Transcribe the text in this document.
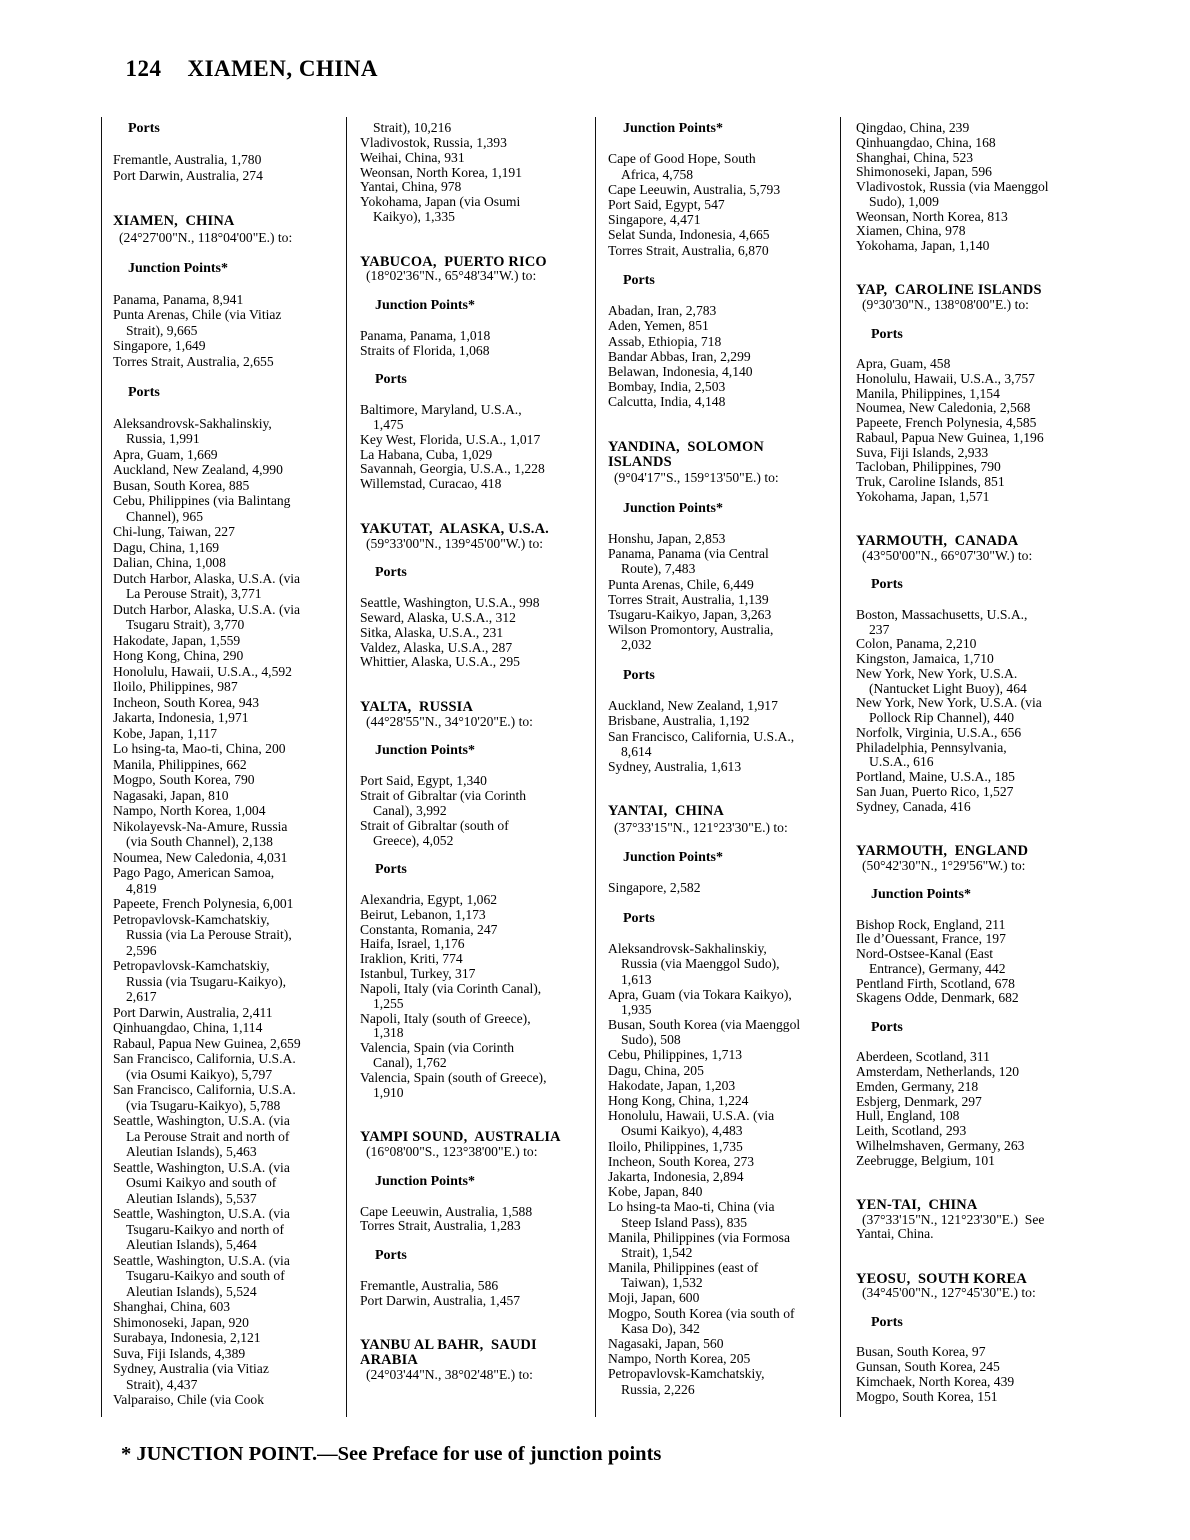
124 XIAMEN, CHINA

Ports
Fremantle, Australia, 1,780
Port Darwin, Australia, 274
XIAMEN,  CHINA
(24°27'00"N., 118°04'00"E.) to:
Junction Points*
Panama, Panama, 8,941
Punta Arenas, Chile (via Vitiaz
Strait), 9,665
Singapore, 1,649
Torres Strait, Australia, 2,655
Ports
Aleksandrovsk-Sakhalinskiy,
Russia, 1,991
Apra, Guam, 1,669
Auckland, New Zealand, 4,990
Busan, South Korea, 885
Cebu, Philippines (via Balintang
Channel), 965
Chi-lung, Taiwan, 227
Dagu, China, 1,169
Dalian, China, 1,008
Dutch Harbor, Alaska, U.S.A. (via
La Perouse Strait), 3,771
Dutch Harbor, Alaska, U.S.A. (via
Tsugaru Strait), 3,770
Hakodate, Japan, 1,559
Hong Kong, China, 290
Honolulu, Hawaii, U.S.A., 4,592
Iloilo, Philippines, 987
Incheon, South Korea, 943
Jakarta, Indonesia, 1,971
Kobe, Japan, 1,117
Lo hsing-ta, Mao-ti, China, 200
Manila, Philippines, 662
Mogpo, South Korea, 790
Nagasaki, Japan, 810
Nampo, North Korea, 1,004
Nikolayevsk-Na-Amure, Russia
(via South Channel), 2,138
Noumea, New Caledonia, 4,031
Pago Pago, American Samoa,
4,819
Papeete, French Polynesia, 6,001
Petropavlovsk-Kamchatskiy,
Russia (via La Perouse Strait),
2,596
Petropavlovsk-Kamchatskiy,
Russia (via Tsugaru-Kaikyo),
2,617
Port Darwin, Australia, 2,411
Qinhuangdao, China, 1,114
Rabaul, Papua New Guinea, 2,659
San Francisco, California, U.S.A.
(via Osumi Kaikyo), 5,797
San Francisco, California, U.S.A.
(via Tsugaru-Kaikyo), 5,788
Seattle, Washington, U.S.A. (via
La Perouse Strait and north of
Aleutian Islands), 5,463
Seattle, Washington, U.S.A. (via
Osumi Kaikyo and south of
Aleutian Islands), 5,537
Seattle, Washington, U.S.A. (via
Tsugaru-Kaikyo and north of
Aleutian Islands), 5,464
Seattle, Washington, U.S.A. (via
Tsugaru-Kaikyo and south of
Aleutian Islands), 5,524
Shanghai, China, 603
Shimonoseki, Japan, 920
Surabaya, Indonesia, 2,121
Suva, Fiji Islands, 4,389
Sydney, Australia (via Vitiaz
Strait), 4,437
Valparaiso, Chile (via Cook
Strait), 10,216
Vladivostok, Russia, 1,393
Weihai, China, 931
Weonsan, North Korea, 1,191
Yantai, China, 978
Yokohama, Japan (via Osumi
Kaikyo), 1,335
YABUCOA,  PUERTO RICO
(18°02'36"N., 65°48'34"W.) to:
Junction Points*
Panama, Panama, 1,018
Straits of Florida, 1,068
Ports
Baltimore, Maryland, U.S.A.,
1,475
Key West, Florida, U.S.A., 1,017
La Habana, Cuba, 1,029
Savannah, Georgia, U.S.A., 1,228
Willemstad, Curacao, 418
YAKUTAT,  ALASKA, U.S.A.
(59°33'00"N., 139°45'00"W.) to:
Ports
Seattle, Washington, U.S.A., 998
Seward, Alaska, U.S.A., 312
Sitka, Alaska, U.S.A., 231
Valdez, Alaska, U.S.A., 287
Whittier, Alaska, U.S.A., 295
YALTA,  RUSSIA
(44°28'55"N., 34°10'20"E.) to:
Junction Points*
Port Said, Egypt, 1,340
Strait of Gibraltar (via Corinth
Canal), 3,992
Strait of Gibraltar (south of
Greece), 4,052
Ports
Alexandria, Egypt, 1,062
Beirut, Lebanon, 1,173
Constanta, Romania, 247
Haifa, Israel, 1,176
Iraklion, Kriti, 774
Istanbul, Turkey, 317
Napoli, Italy (via Corinth Canal),
1,255
Napoli, Italy (south of Greece),
1,318
Valencia, Spain (via Corinth
Canal), 1,762
Valencia, Spain (south of Greece),
1,910
YAMPI SOUND,  AUSTRALIA
(16°08'00"S., 123°38'00"E.) to:
Junction Points*
Cape Leeuwin, Australia, 1,588
Torres Strait, Australia, 1,283
Ports
Fremantle, Australia, 586
Port Darwin, Australia, 1,457
YANBU AL BAHR,  SAUDI
ARABIA
(24°03'44"N., 38°02'48"E.) to:
Junction Points*
Cape of Good Hope, South
Africa, 4,758
Cape Leeuwin, Australia, 5,793
Port Said, Egypt, 547
Singapore, 4,471
Selat Sunda, Indonesia, 4,665
Torres Strait, Australia, 6,870
Ports
Abadan, Iran, 2,783
Aden, Yemen, 851
Assab, Ethiopia, 718
Bandar Abbas, Iran, 2,299
Belawan, Indonesia, 4,140
Bombay, India, 2,503
Calcutta, India, 4,148
YANDINA,  SOLOMON
ISLANDS
(9°04'17"S., 159°13'50"E.) to:
Junction Points*
Honshu, Japan, 2,853
Panama, Panama (via Central
Route), 7,483
Punta Arenas, Chile, 6,449
Torres Strait, Australia, 1,139
Tsugaru-Kaikyo, Japan, 3,263
Wilson Promontory, Australia,
2,032
Ports
Auckland, New Zealand, 1,917
Brisbane, Australia, 1,192
San Francisco, California, U.S.A.,
8,614
Sydney, Australia, 1,613
YANTAI,  CHINA
(37°33'15"N., 121°23'30"E.) to:
Junction Points*
Singapore, 2,582
Ports
Aleksandrovsk-Sakhalinskiy,
Russia (via Maenggol Sudo),
1,613
Apra, Guam (via Tokara Kaikyo),
1,935
Busan, South Korea (via Maenggol
Sudo), 508
Cebu, Philippines, 1,713
Dagu, China, 205
Hakodate, Japan, 1,203
Hong Kong, China, 1,224
Honolulu, Hawaii, U.S.A. (via
Osumi Kaikyo), 4,483
Iloilo, Philippines, 1,735
Incheon, South Korea, 273
Jakarta, Indonesia, 2,894
Kobe, Japan, 840
Lo hsing-ta Mao-ti, China (via
Steep Island Pass), 835
Manila, Philippines (via Formosa
Strait), 1,542
Manila, Philippines (east of
Taiwan), 1,532
Moji, Japan, 600
Mogpo, South Korea (via south of
Kasa Do), 342
Nagasaki, Japan, 560
Nampo, North Korea, 205
Petropavlovsk-Kamchatskiy,
Russia, 2,226
Qingdao, China, 239
Qinhuangdao, China, 168
Shanghai, China, 523
Shimonoseki, Japan, 596
Vladivostok, Russia (via Maenggol
Sudo), 1,009
Weonsan, North Korea, 813
Xiamen, China, 978
Yokohama, Japan, 1,140
YAP,  CAROLINE ISLANDS
(9°30'30"N., 138°08'00"E.) to:
Ports
Apra, Guam, 458
Honolulu, Hawaii, U.S.A., 3,757
Manila, Philippines, 1,154
Noumea, New Caledonia, 2,568
Papeete, French Polynesia, 4,585
Rabaul, Papua New Guinea, 1,196
Suva, Fiji Islands, 2,933
Tacloban, Philippines, 790
Truk, Caroline Islands, 851
Yokohama, Japan, 1,571
YARMOUTH,  CANADA
(43°50'00"N., 66°07'30"W.) to:
Ports
Boston, Massachusetts, U.S.A.,
237
Colon, Panama, 2,210
Kingston, Jamaica, 1,710
New York, New York, U.S.A.
(Nantucket Light Buoy), 464
New York, New York, U.S.A. (via
Pollock Rip Channel), 440
Norfolk, Virginia, U.S.A., 656
Philadelphia, Pennsylvania,
U.S.A., 616
Portland, Maine, U.S.A., 185
San Juan, Puerto Rico, 1,527
Sydney, Canada, 416
YARMOUTH,  ENGLAND
(50°42'30"N., 1°29'56"W.) to:
Junction Points*
Bishop Rock, England, 211
Ile d’Ouessant, France, 197
Nord-Ostsee-Kanal (East
Entrance), Germany, 442
Pentland Firth, Scotland, 678
Skagens Odde, Denmark, 682
Ports
Aberdeen, Scotland, 311
Amsterdam, Netherlands, 120
Emden, Germany, 218
Esbjerg, Denmark, 297
Hull, England, 108
Leith, Scotland, 293
Wilhelmshaven, Germany, 263
Zeebrugge, Belgium, 101
YEN-TAI,  CHINA
(37°33'15"N., 121°23'30"E.)  See
Yantai, China.
YEOSU,  SOUTH KOREA
(34°45'00"N., 127°45'30"E.) to:
Ports
Busan, South Korea, 97
Gunsan, South Korea, 245
Kimchaek, North Korea, 439
Mogpo, South Korea, 151
* JUNCTION POINT.—See Preface for use of junction points
